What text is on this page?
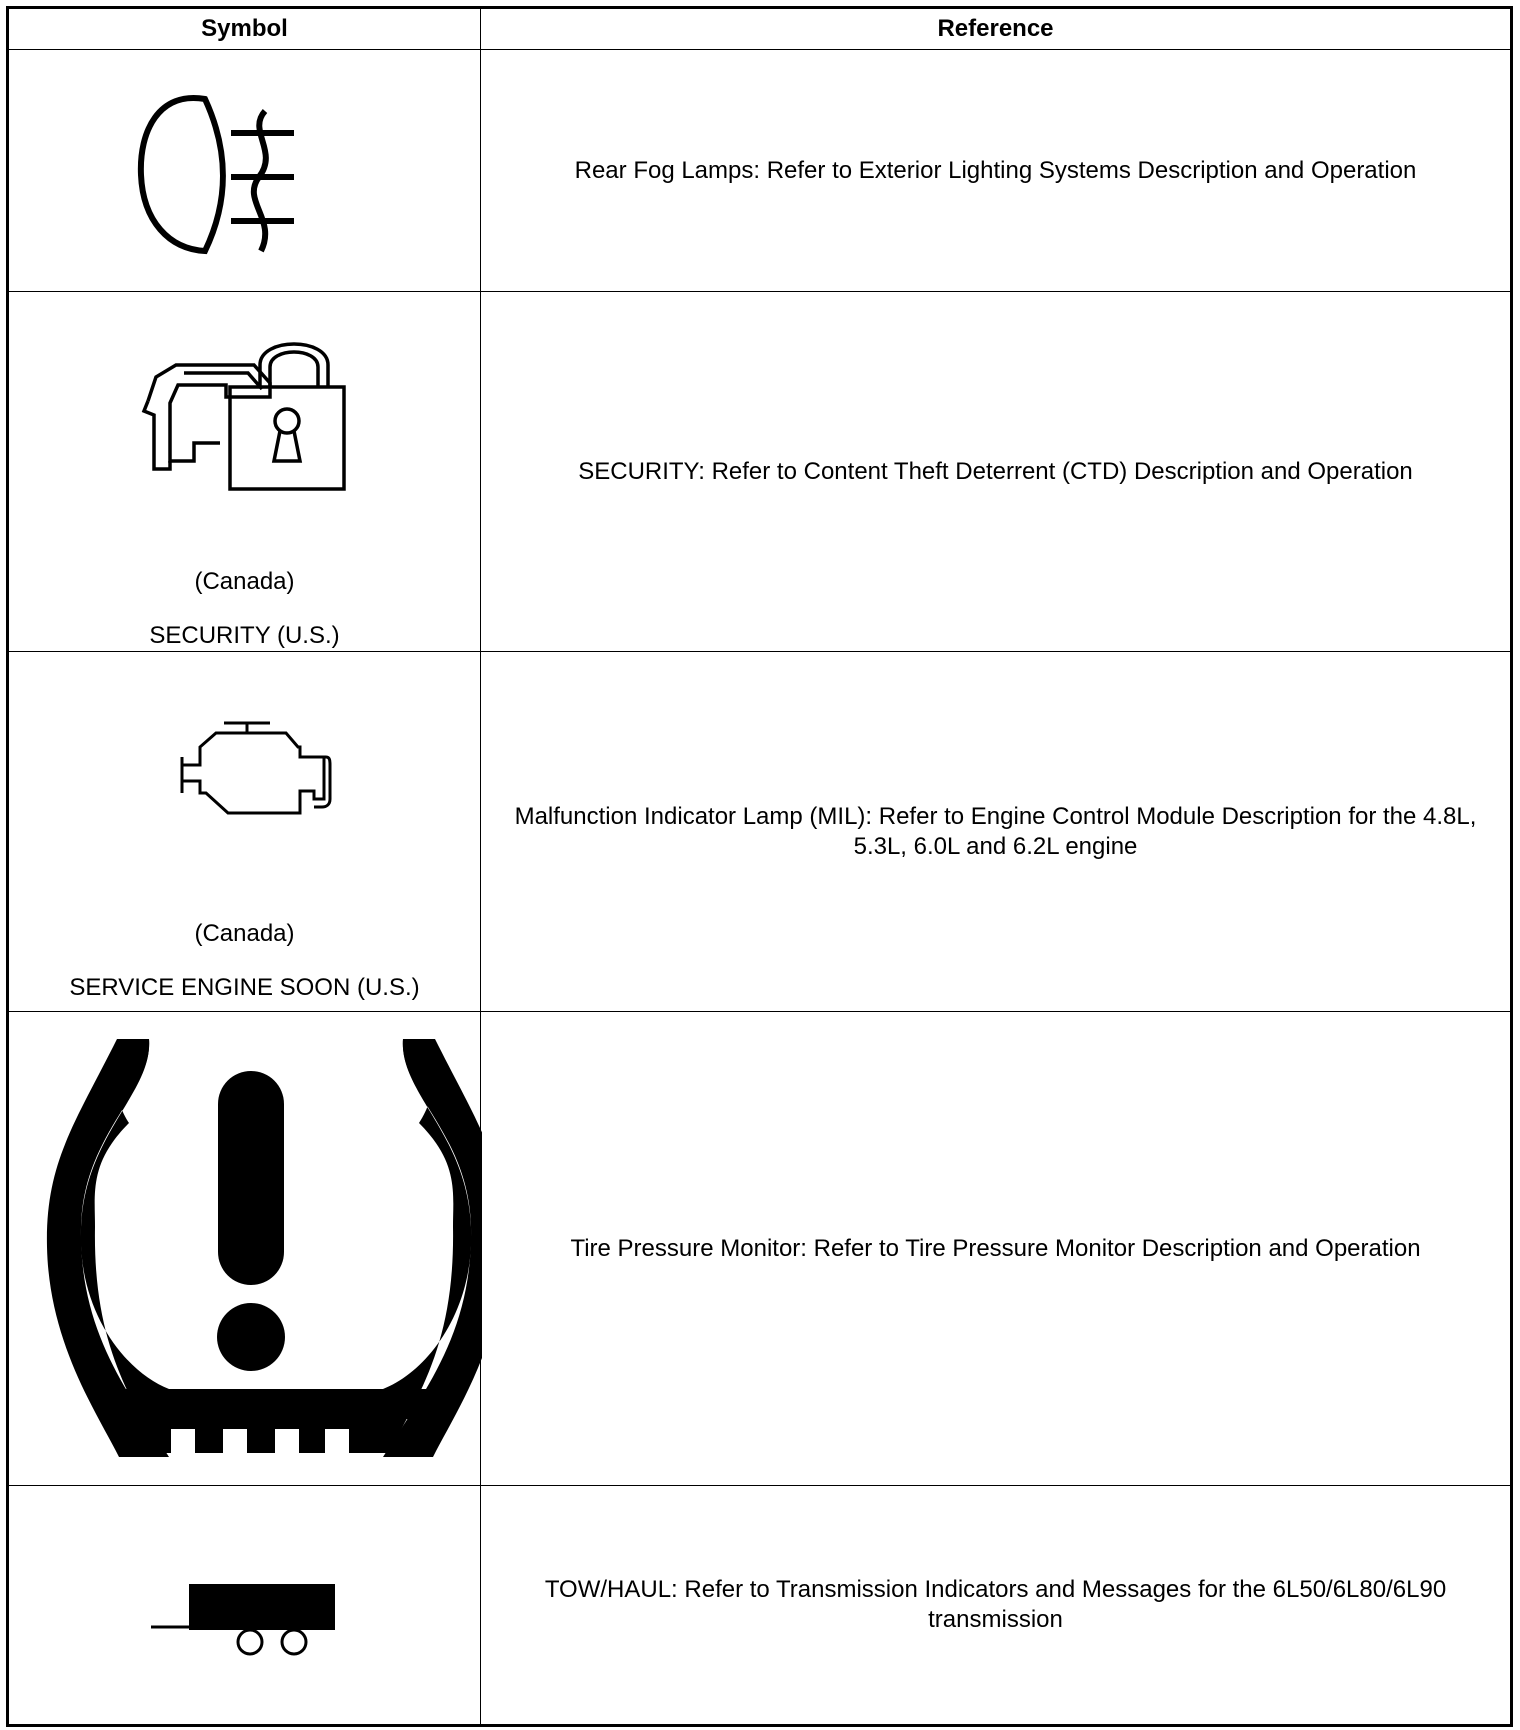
Symbol	Reference

	Rear Fog Lamps: Refer to Exterior Lighting Systems Description and Operation

(Canada)
SECURITY (U.S.)	SECURITY: Refer to Content Theft Deterrent (CTD) Description and Operation

(Canada)
SERVICE ENGINE SOON (U.S.)	Malfunction Indicator Lamp (MIL): Refer to Engine Control Module Description for the 4.8L, 5.3L, 6.0L and 6.2L engine

	Tire Pressure Monitor: Refer to Tire Pressure Monitor Description and Operation

	TOW/HAUL: Refer to Transmission Indicators and Messages for the 6L50/6L80/6L90 transmission
